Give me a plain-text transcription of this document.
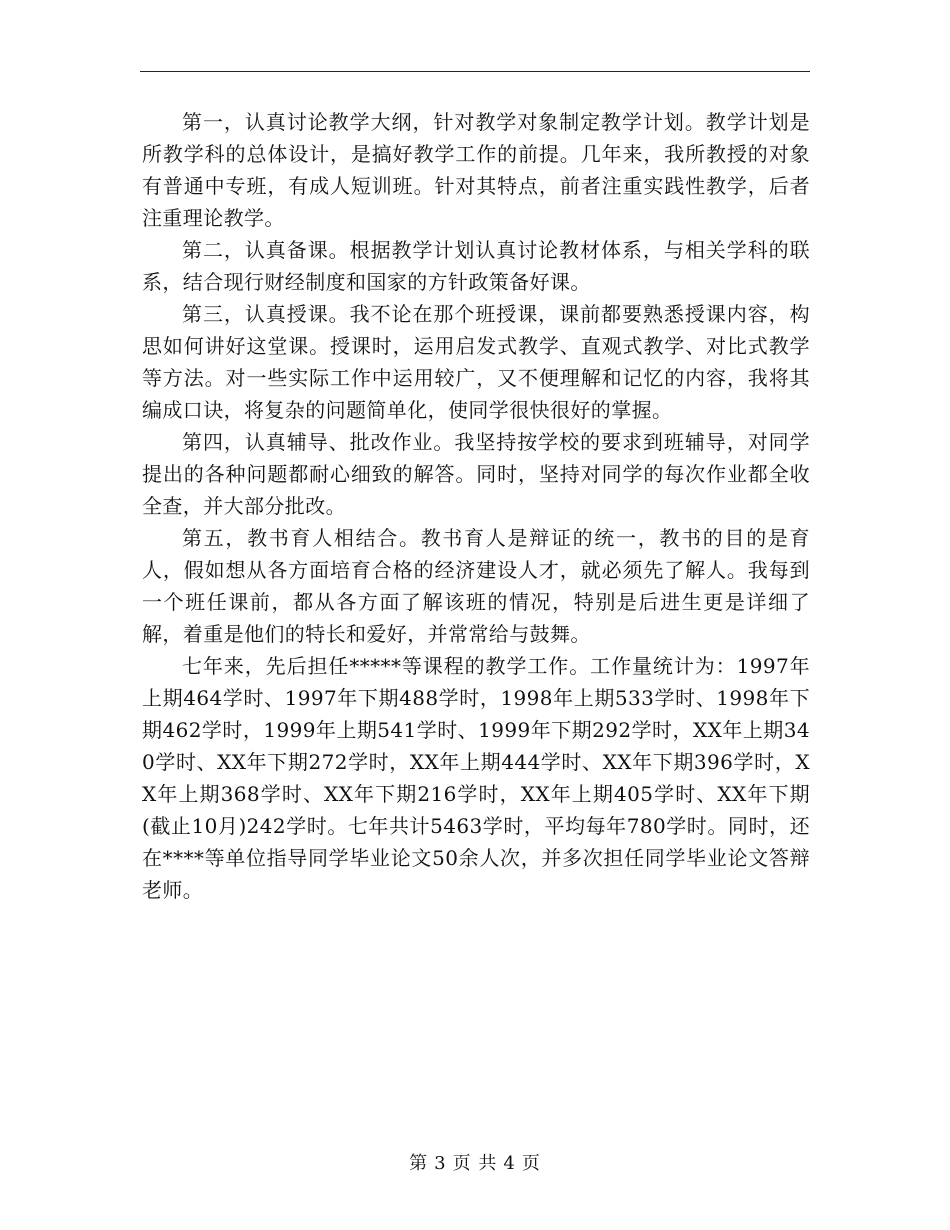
第一，认真讨论教学大纲，针对教学对象制定教学计划。教学计划是所教学科的总体设计，是搞好教学工作的前提。几年来，我所教授的对象有普通中专班，有成人短训班。针对其特点，前者注重实践性教学，后者注重理论教学。

第二，认真备课。根据教学计划认真讨论教材体系，与相关学科的联系，结合现行财经制度和国家的方针政策备好课。

第三，认真授课。我不论在那个班授课，课前都要熟悉授课内容，构思如何讲好这堂课。授课时，运用启发式教学、直观式教学、对比式教学等方法。对一些实际工作中运用较广，又不便理解和记忆的内容，我将其编成口诀，将复杂的问题简单化，使同学很快很好的掌握。

第四，认真辅导、批改作业。我坚持按学校的要求到班辅导，对同学提出的各种问题都耐心细致的解答。同时，坚持对同学的每次作业都全收全查，并大部分批改。

第五，教书育人相结合。教书育人是辩证的统一，教书的目的是育人，假如想从各方面培育合格的经济建设人才，就必须先了解人。我每到一个班任课前，都从各方面了解该班的情况，特别是后进生更是详细了解，着重是他们的特长和爱好，并常常给与鼓舞。

七年来，先后担任*****等课程的教学工作。工作量统计为：1997年上期464学时、1997年下期488学时，1998年上期533学时、1998年下期462学时，1999年上期541学时、1999年下期292学时，XX年上期340学时、XX年下期272学时，XX年上期444学时、XX年下期396学时，XX年上期368学时、XX年下期216学时，XX年上期405学时、XX年下期(截止10月)242学时。七年共计5463学时，平均每年780学时。同时，还在****等单位指导同学毕业论文50余人次，并多次担任同学毕业论文答辩老师。

第 3 页 共 4 页
